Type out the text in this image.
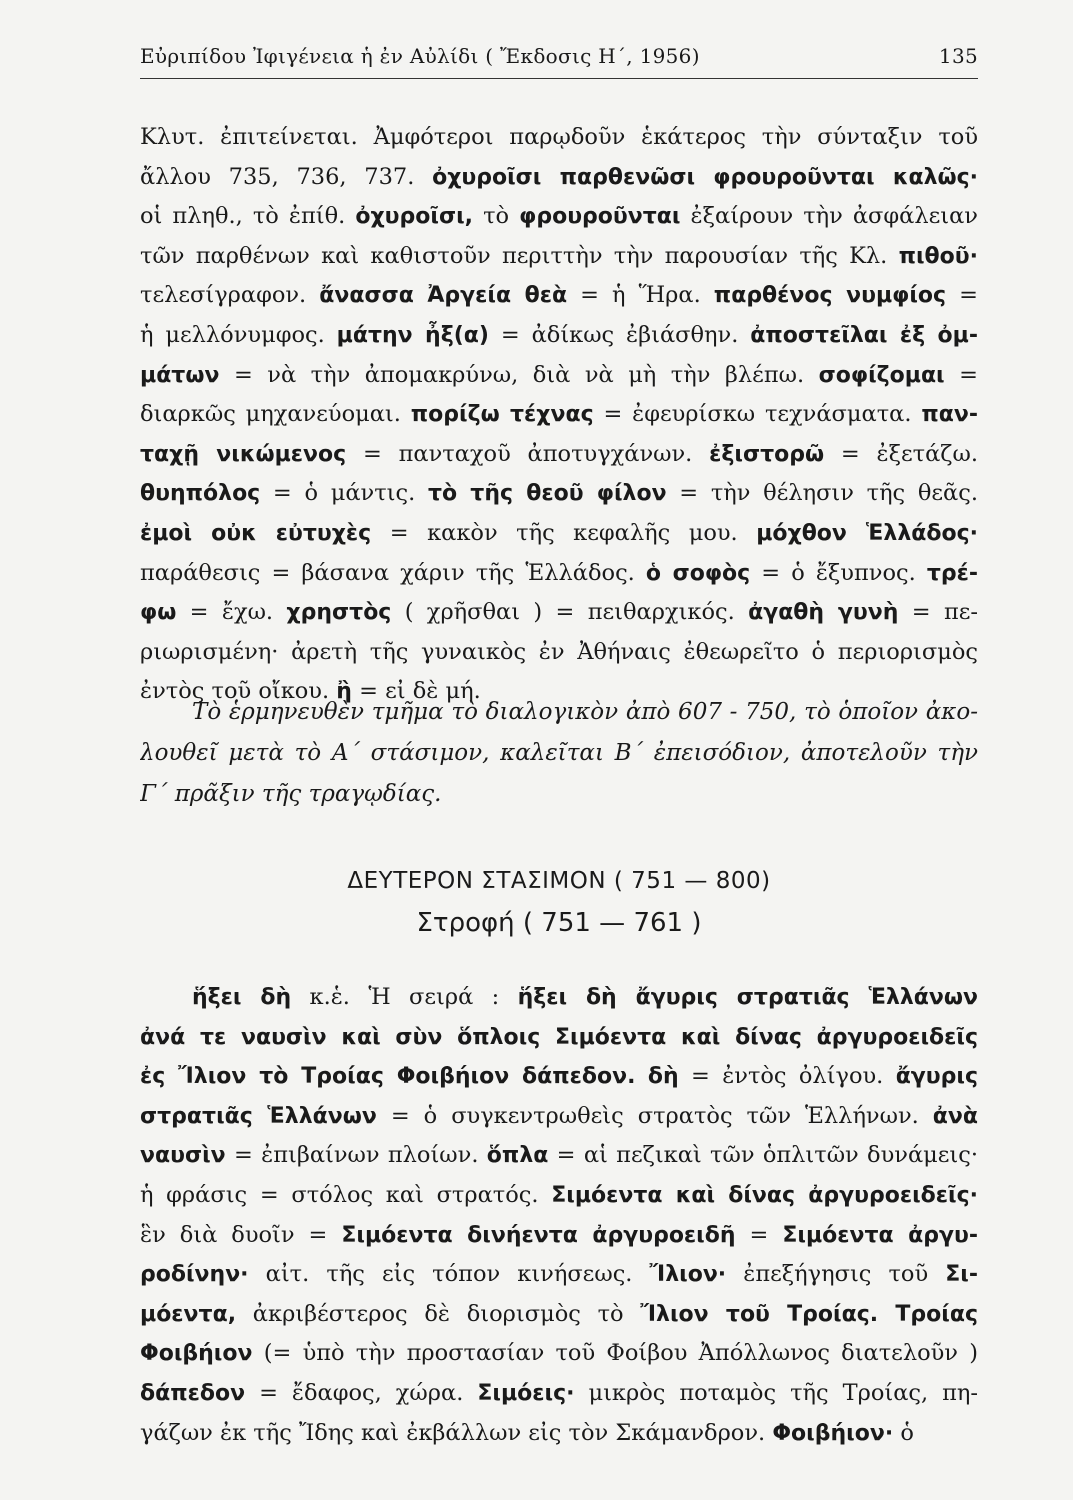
Εὐριπίδου Ἰφιγένεια ἡ ἐν Αὐλίδι ( Ἔκδοσις Η΄, 1956)	135
Κλυτ. ἐπιτείνεται. Ἀμφότεροι παρῳδοῦν ἑκάτερος τὴν σύνταξιν τοῦ
ἄλλου 735, 736, 737. ὀχυροῖσι παρθενῶσι φρουροῦνται καλῶς·
οἱ πληθ., τὸ ἐπίθ. ὀχυροῖσι, τὸ φρουροῦνται ἐξαίρουν τὴν ἀσφάλειαν
τῶν παρθένων καὶ καθιστοῦν περιττὴν τὴν παρουσίαν τῆς Κλ. πιθοῦ·
τελεσίγραφον. ἄνασσα Ἀργεία θεὰ = ἡ Ἥρα. παρθένος νυμφίος =
ἡ μελλόνυμφος. μάτην ἦξ(α) = ἀδίκως ἐβιάσθην. ἀποστεῖλαι ἐξ ὀμ-
μάτων = νὰ τὴν ἀπομακρύνω, διὰ νὰ μὴ τὴν βλέπω. σοφίζομαι =
διαρκῶς μηχανεύομαι. πορίζω τέχνας = ἐφευρίσκω τεχνάσματα. παν-
ταχῇ νικώμενος = πανταχοῦ ἀποτυγχάνων. ἐξιστορῶ = ἐξετάζω.
θυηπόλος = ὁ μάντις. τὸ τῆς θεοῦ φίλον = τὴν θέλησιν τῆς θεᾶς.
ἐμοὶ οὐκ εὐτυχὲς = κακὸν τῆς κεφαλῆς μου. μόχθον Ἑλλάδος·
παράθεσις = βάσανα χάριν τῆς Ἑλλάδος. ὁ σοφὸς = ὁ ἔξυπνος. τρέ-
φω = ἔχω. χρηστὸς ( χρῆσθαι ) = πειθαρχικός. ἀγαθὴ γυνὴ = πε-
ριωρισμένη· ἀρετὴ τῆς γυναικὸς ἐν Ἀθήναις ἐθεωρεῖτο ὁ περιορισμὸς
ἐντὸς τοῦ οἴκου. ἢ = εἰ δὲ μή.
Τὸ ἑρμηνευθὲν τμῆμα τὸ διαλογικὸν ἀπὸ 607 - 750, τὸ ὁποῖον ἀκο-
λουθεῖ μετὰ τὸ Α΄ στάσιμον, καλεῖται Β΄ ἐπεισόδιον, ἀποτελοῦν τὴν
Γ΄ πρᾶξιν τῆς τραγῳδίας.
ΔΕΥΤΕΡΟΝ ΣΤΑΣΙΜΟΝ ( 751 — 800)
Στροφή ( 751 — 761 )
ἥξει δὴ κ.ἑ. Ἡ σειρά : ἥξει δὴ ἄγυρις στρατιᾶς Ἑλλάνων
ἀνά τε ναυσὶν καὶ σὺν ὅπλοις Σιμόεντα καὶ δίνας ἀργυροειδεῖς
ἐς Ἴλιον τὸ Τροίας Φοιβήιον δάπεδον. δὴ = ἐντὸς ὀλίγου. ἄγυρις
στρατιᾶς Ἑλλάνων = ὁ συγκεντρωθεὶς στρατὸς τῶν Ἑλλήνων. ἀνὰ
ναυσὶν = ἐπιβαίνων πλοίων. ὅπλα = αἱ πεζικαὶ τῶν ὁπλιτῶν δυνάμεις·
ἡ φράσις = στόλος καὶ στρατός. Σιμόεντα καὶ δίνας ἀργυροειδεῖς·
ἓν διὰ δυοῖν = Σιμόεντα δινήεντα ἀργυροειδῆ = Σιμόεντα ἀργυ-
ροδίνην· αἰτ. τῆς εἰς τόπον κινήσεως. Ἴλιον· ἐπεξήγησις τοῦ Σι-
μόεντα, ἀκριβέστερος δὲ διορισμὸς τὸ Ἴλιον τοῦ Τροίας. Τροίας
Φοιβήιον (= ὑπὸ τὴν προστασίαν τοῦ Φοίβου Ἀπόλλωνος διατελοῦν )
δάπεδον = ἔδαφος, χώρα. Σιμόεις· μικρὸς ποταμὸς τῆς Τροίας, πη-
γάζων ἐκ τῆς Ἴδης καὶ ἐκβάλλων εἰς τὸν Σκάμανδρον. Φοιβήιον· ὁ
